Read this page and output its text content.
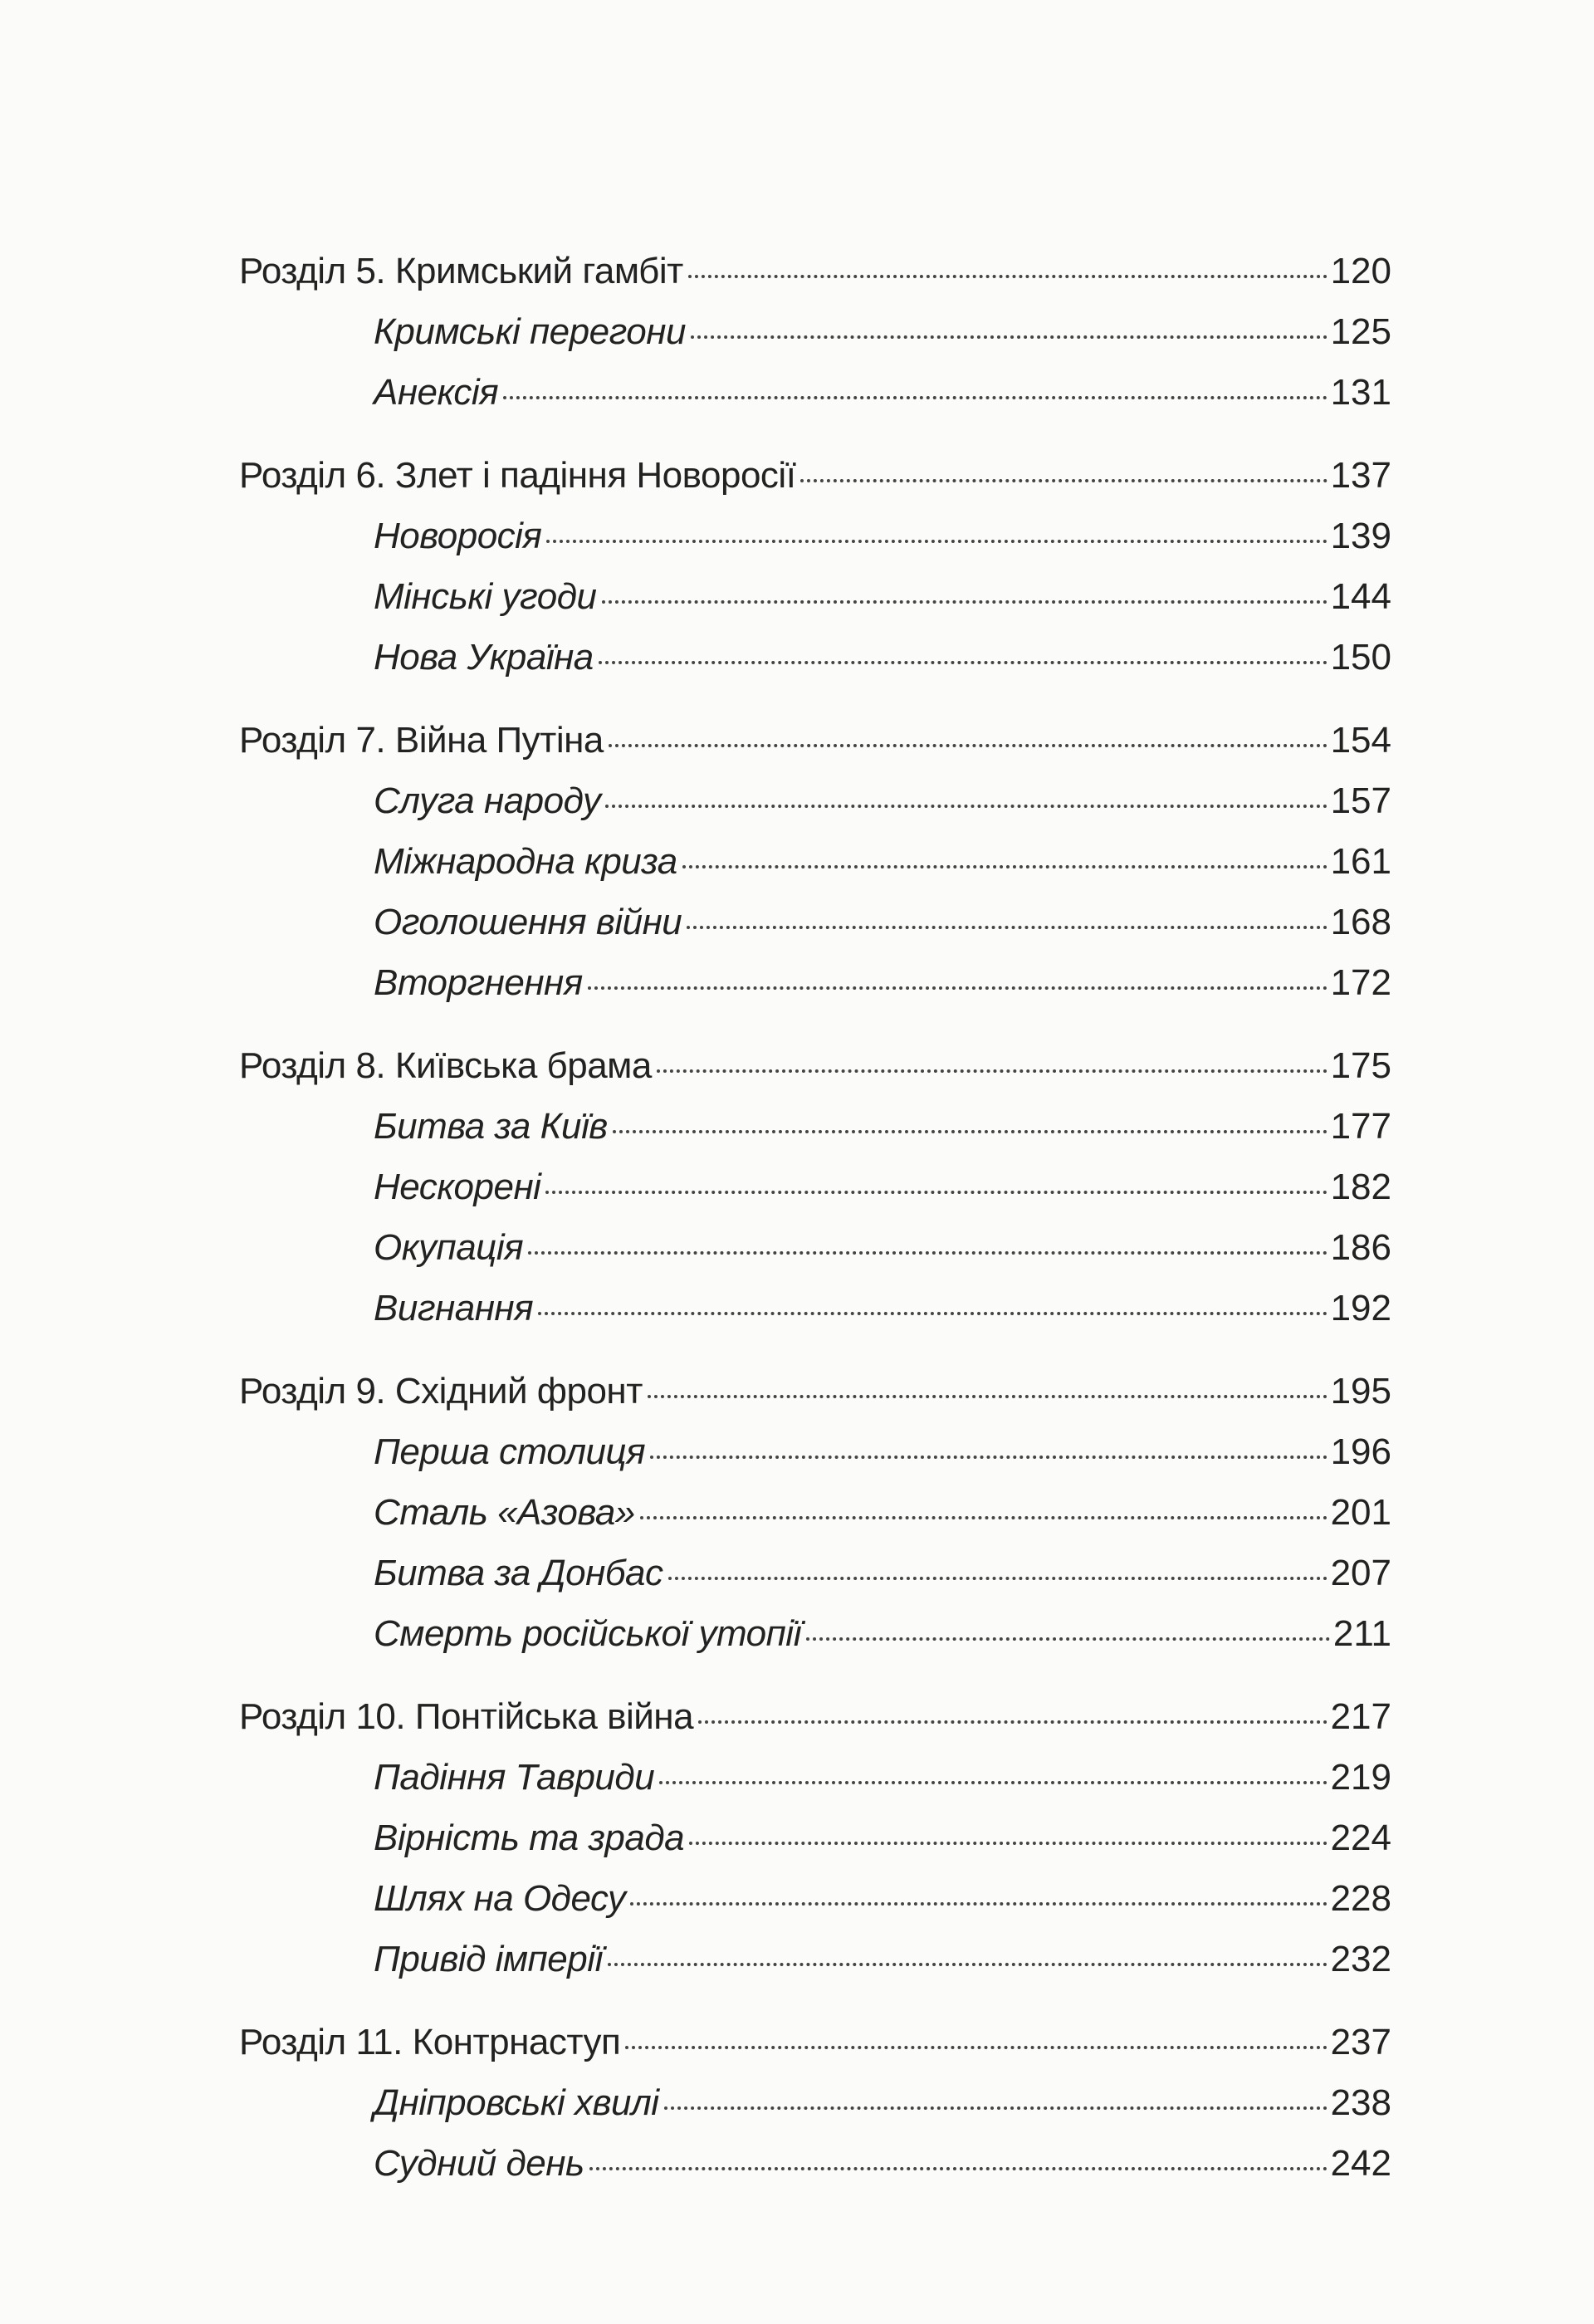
Розділ 5. Кримський гамбіт	120
Кримські перегони	125
Анексія	131
Розділ 6. Злет і падіння Новоросії	137
Новоросія	139
Мінські угоди	144
Нова Україна	150
Розділ 7. Війна Путіна	154
Слуга народу	157
Міжнародна криза	161
Оголошення війни	168
Вторгнення	172
Розділ 8. Київська брама	175
Битва за Київ	177
Нескорені	182
Окупація	186
Вигнання	192
Розділ 9. Східний фронт	195
Перша столиця	196
Сталь «Азова»	201
Битва за Донбас	207
Смерть російської утопії	211
Розділ 10. Понтійська війна	217
Падіння Тавриди	219
Вірність та зрада	224
Шлях на Одесу	228
Привід імперії	232
Розділ 11. Контрнаступ	237
Дніпровські хвилі	238
Судний день	242
